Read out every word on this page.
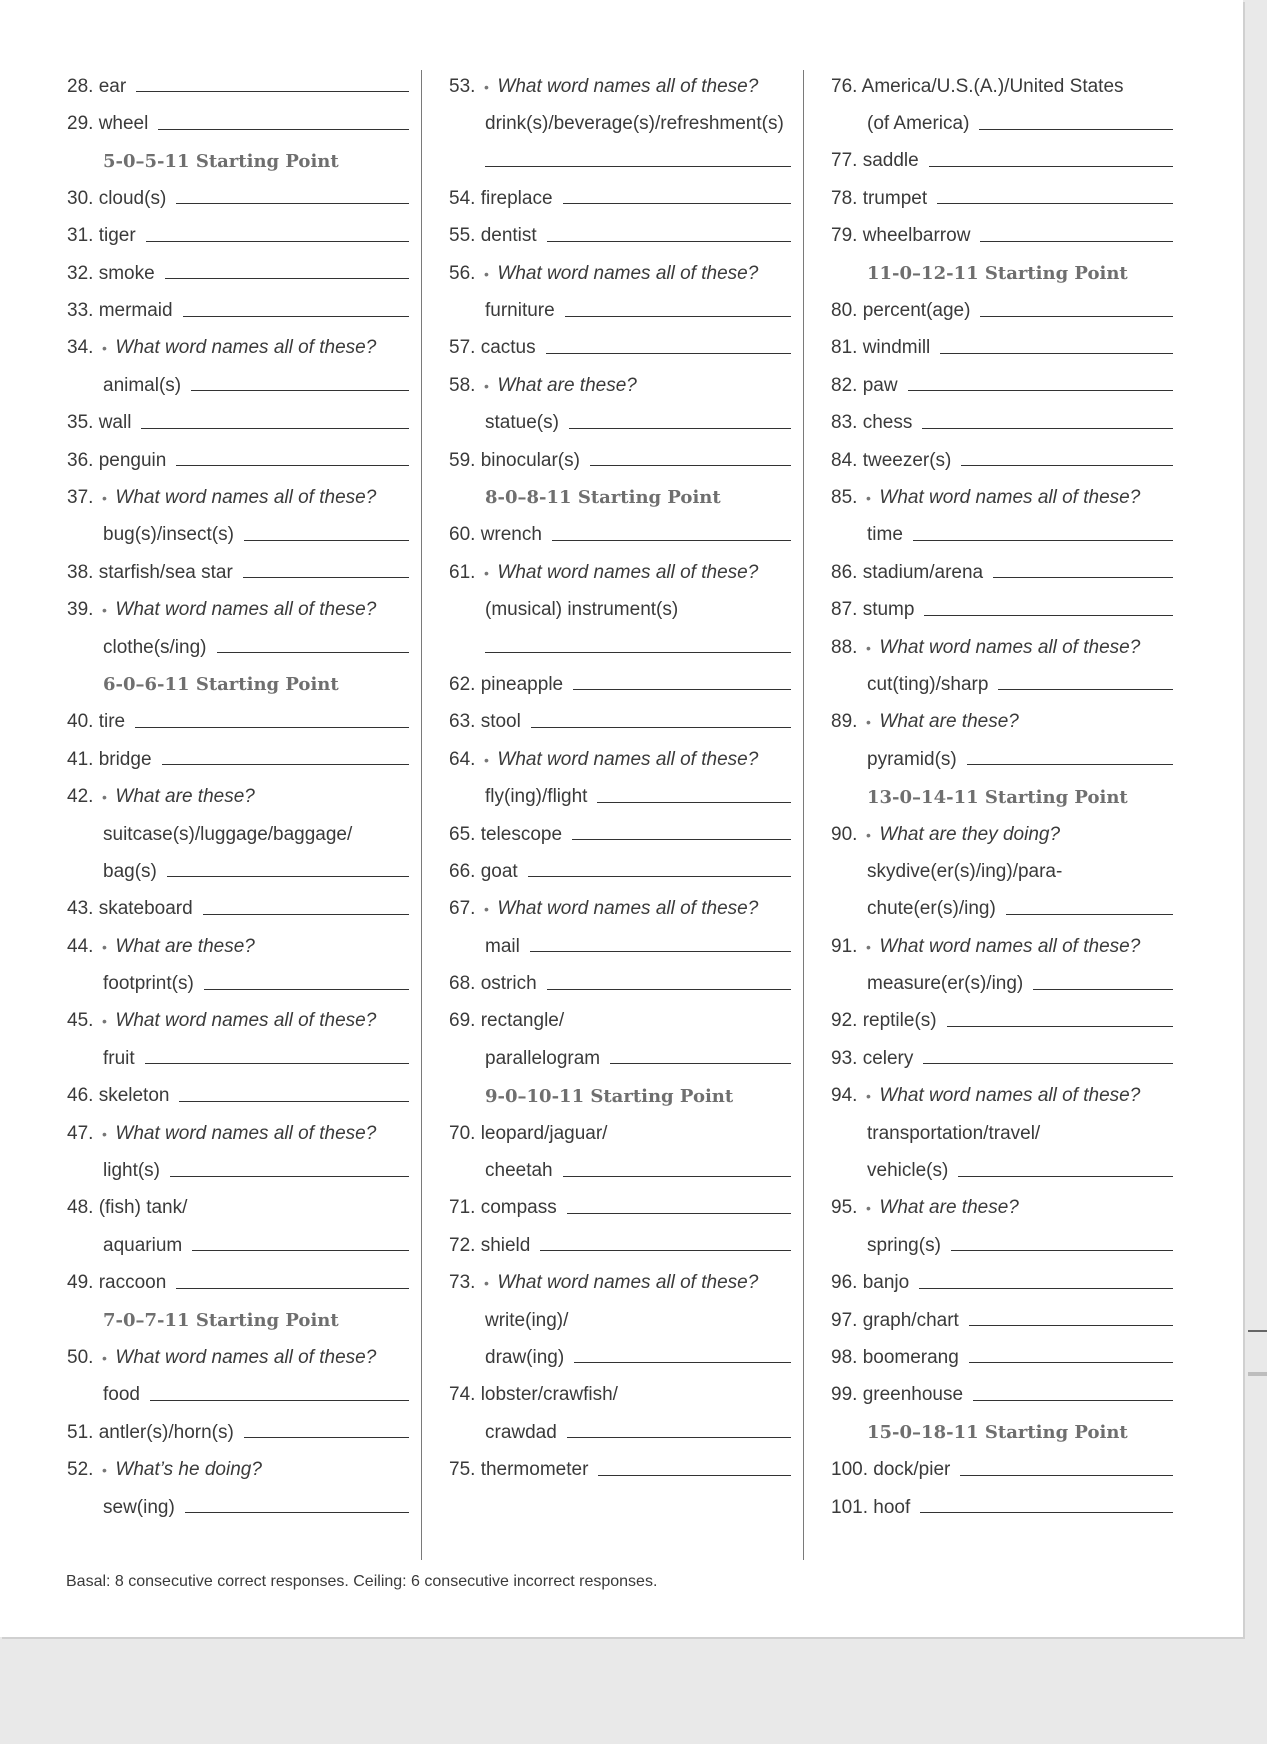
28. ear
29. wheel
5-0–5-11 Starting Point
30. cloud(s)
31. tiger
32. smoke
33. mermaid
34. • What word names all of these?
animal(s)
35. wall
36. penguin
37. • What word names all of these?
bug(s)/insect(s)
38. starfish/sea star
39. • What word names all of these?
clothe(s/ing)
6-0–6-11 Starting Point
40. tire
41. bridge
42. • What are these?
suitcase(s)/luggage/baggage/
bag(s)
43. skateboard
44. • What are these?
footprint(s)
45. • What word names all of these?
fruit
46. skeleton
47. • What word names all of these?
light(s)
48. (fish) tank/
aquarium
49. raccoon
7-0–7-11 Starting Point
50. • What word names all of these?
food
51. antler(s)/horn(s)
52. • What’s he doing?
sew(ing)
53. • What word names all of these?
drink(s)/beverage(s)/refreshment(s)
54. fireplace
55. dentist
56. • What word names all of these?
furniture
57. cactus
58. • What are these?
statue(s)
59. binocular(s)
8-0–8-11 Starting Point
60. wrench
61. • What word names all of these?
(musical) instrument(s)
62. pineapple
63. stool
64. • What word names all of these?
fly(ing)/flight
65. telescope
66. goat
67. • What word names all of these?
mail
68. ostrich
69. rectangle/
parallelogram
9-0–10-11 Starting Point
70. leopard/jaguar/
cheetah
71. compass
72. shield
73. • What word names all of these?
write(ing)/
draw(ing)
74. lobster/crawfish/
crawdad
75. thermometer
76. America/U.S.(A.)/United States
(of America)
77. saddle
78. trumpet
79. wheelbarrow
11-0–12-11 Starting Point
80. percent(age)
81. windmill
82. paw
83. chess
84. tweezer(s)
85. • What word names all of these?
time
86. stadium/arena
87. stump
88. • What word names all of these?
cut(ting)/sharp
89. • What are these?
pyramid(s)
13-0–14-11 Starting Point
90. • What are they doing?
skydive(er(s)/ing)/para-
chute(er(s)/ing)
91. • What word names all of these?
measure(er(s)/ing)
92. reptile(s)
93. celery
94. • What word names all of these?
transportation/travel/
vehicle(s)
95. • What are these?
spring(s)
96. banjo
97. graph/chart
98. boomerang
99. greenhouse
15-0–18-11 Starting Point
100. dock/pier
101. hoof
Basal: 8 consecutive correct responses. Ceiling: 6 consecutive incorrect responses.
